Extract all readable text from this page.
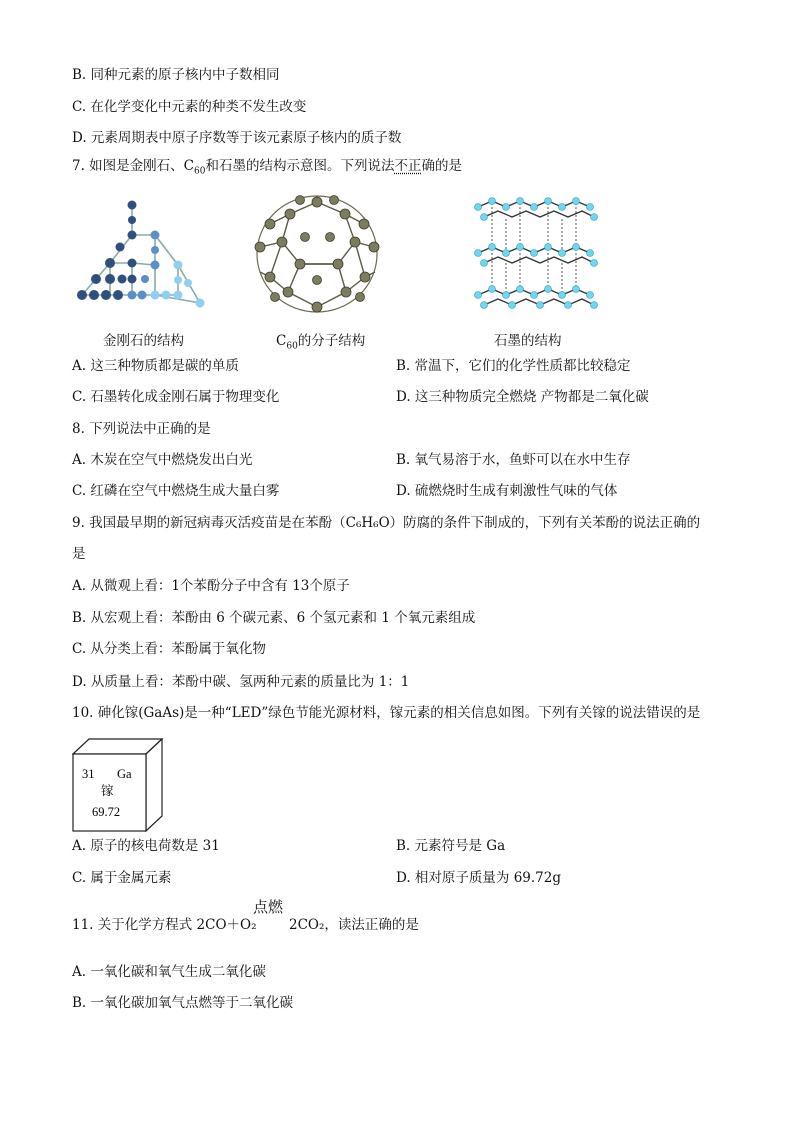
B. 同种元素的原子核内中子数相同
C. 在化学变化中元素的种类不发生改变
D. 元素周期表中原子序数等于该元素原子核内的质子数
7. 如图是金刚石、$C_{60}$和石墨的结构示意图。下列说法不正确的是
金刚石的结构	$C_{60}$的分子结构	石墨的结构
A. 这三种物质都是碳的单质	B. 常温下，它们的化学性质都比较稳定
C. 石墨转化成金刚石属于物理变化	D. 这三种物质完全燃烧 产物都是二氧化碳
8. 下列说法中正确的是
A. 木炭在空气中燃烧发出白光	B. 氧气易溶于水，鱼虾可以在水中生存
C. 红磷在空气中燃烧生成大量白雾	D. 硫燃烧时生成有刺激性气味的气体
9. 我国最早期的新冠病毒灭活疫苗是在苯酚（C₆H₆O）防腐的条件下制成的，下列有关苯酚的说法正确的
是
A. 从微观上看：1个苯酚分子中含有 13个原子
B. 从宏观上看：苯酚由 6 个碳元素、6 个氢元素和 1 个氧元素组成
C. 从分类上看：苯酚属于氧化物
D. 从质量上看：苯酚中碳、氢两种元素的质量比为 1：1
10. 砷化镓(GaAs)是一种“LED”绿色节能光源材料，镓元素的相关信息如图。下列有关镓的说法错误的是
31 Ga
镓
69.72
A. 原子的核电荷数是 31	B. 元素符号是 Ga
C. 属于金属元素	D. 相对原子质量为 69.72g
点燃
11. 关于化学方程式 2CO＋O₂ 2CO₂，读法正确的是
A. 一氧化碳和氧气生成二氧化碳
B. 一氧化碳加氧气点燃等于二氧化碳
